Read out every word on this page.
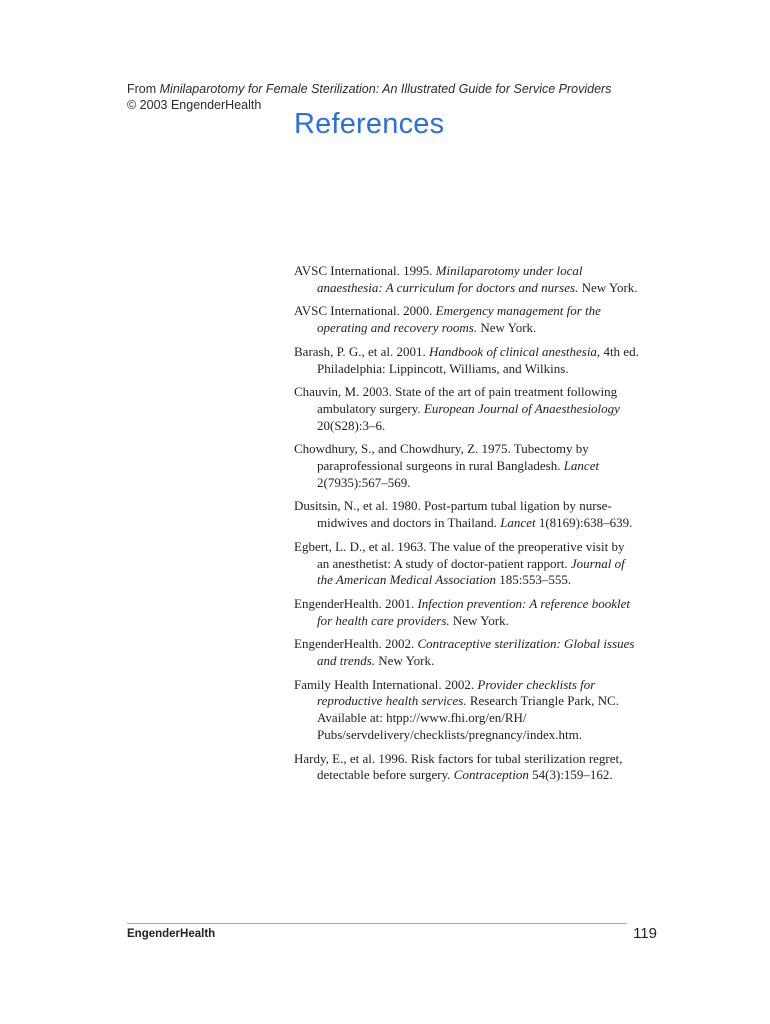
From Minilaparotomy for Female Sterilization: An Illustrated Guide for Service Providers
© 2003 EngenderHealth
References
AVSC International. 1995. Minilaparotomy under local anaesthesia: A curriculum for doctors and nurses. New York.
AVSC International. 2000. Emergency management for the operating and recovery rooms. New York.
Barash, P. G., et al. 2001. Handbook of clinical anesthesia, 4th ed. Philadelphia: Lippincott, Williams, and Wilkins.
Chauvin, M. 2003. State of the art of pain treatment following ambulatory surgery. European Journal of Anaesthesiology 20(S28):3–6.
Chowdhury, S., and Chowdhury, Z. 1975. Tubectomy by paraprofessional surgeons in rural Bangladesh. Lancet 2(7935):567–569.
Dusitsin, N., et al. 1980. Post-partum tubal ligation by nurse-midwives and doctors in Thailand. Lancet 1(8169):638–639.
Egbert, L. D., et al. 1963. The value of the preoperative visit by an anesthetist: A study of doctor-patient rapport. Journal of the American Medical Association 185:553–555.
EngenderHealth. 2001. Infection prevention: A reference booklet for health care providers. New York.
EngenderHealth. 2002. Contraceptive sterilization: Global issues and trends. New York.
Family Health International. 2002. Provider checklists for reproductive health services. Research Triangle Park, NC. Available at: htpp://www.fhi.org/en/RH/ Pubs/servdelivery/checklists/pregnancy/index.htm.
Hardy, E., et al. 1996. Risk factors for tubal sterilization regret, detectable before surgery. Contraception 54(3):159–162.
EngenderHealth	119
